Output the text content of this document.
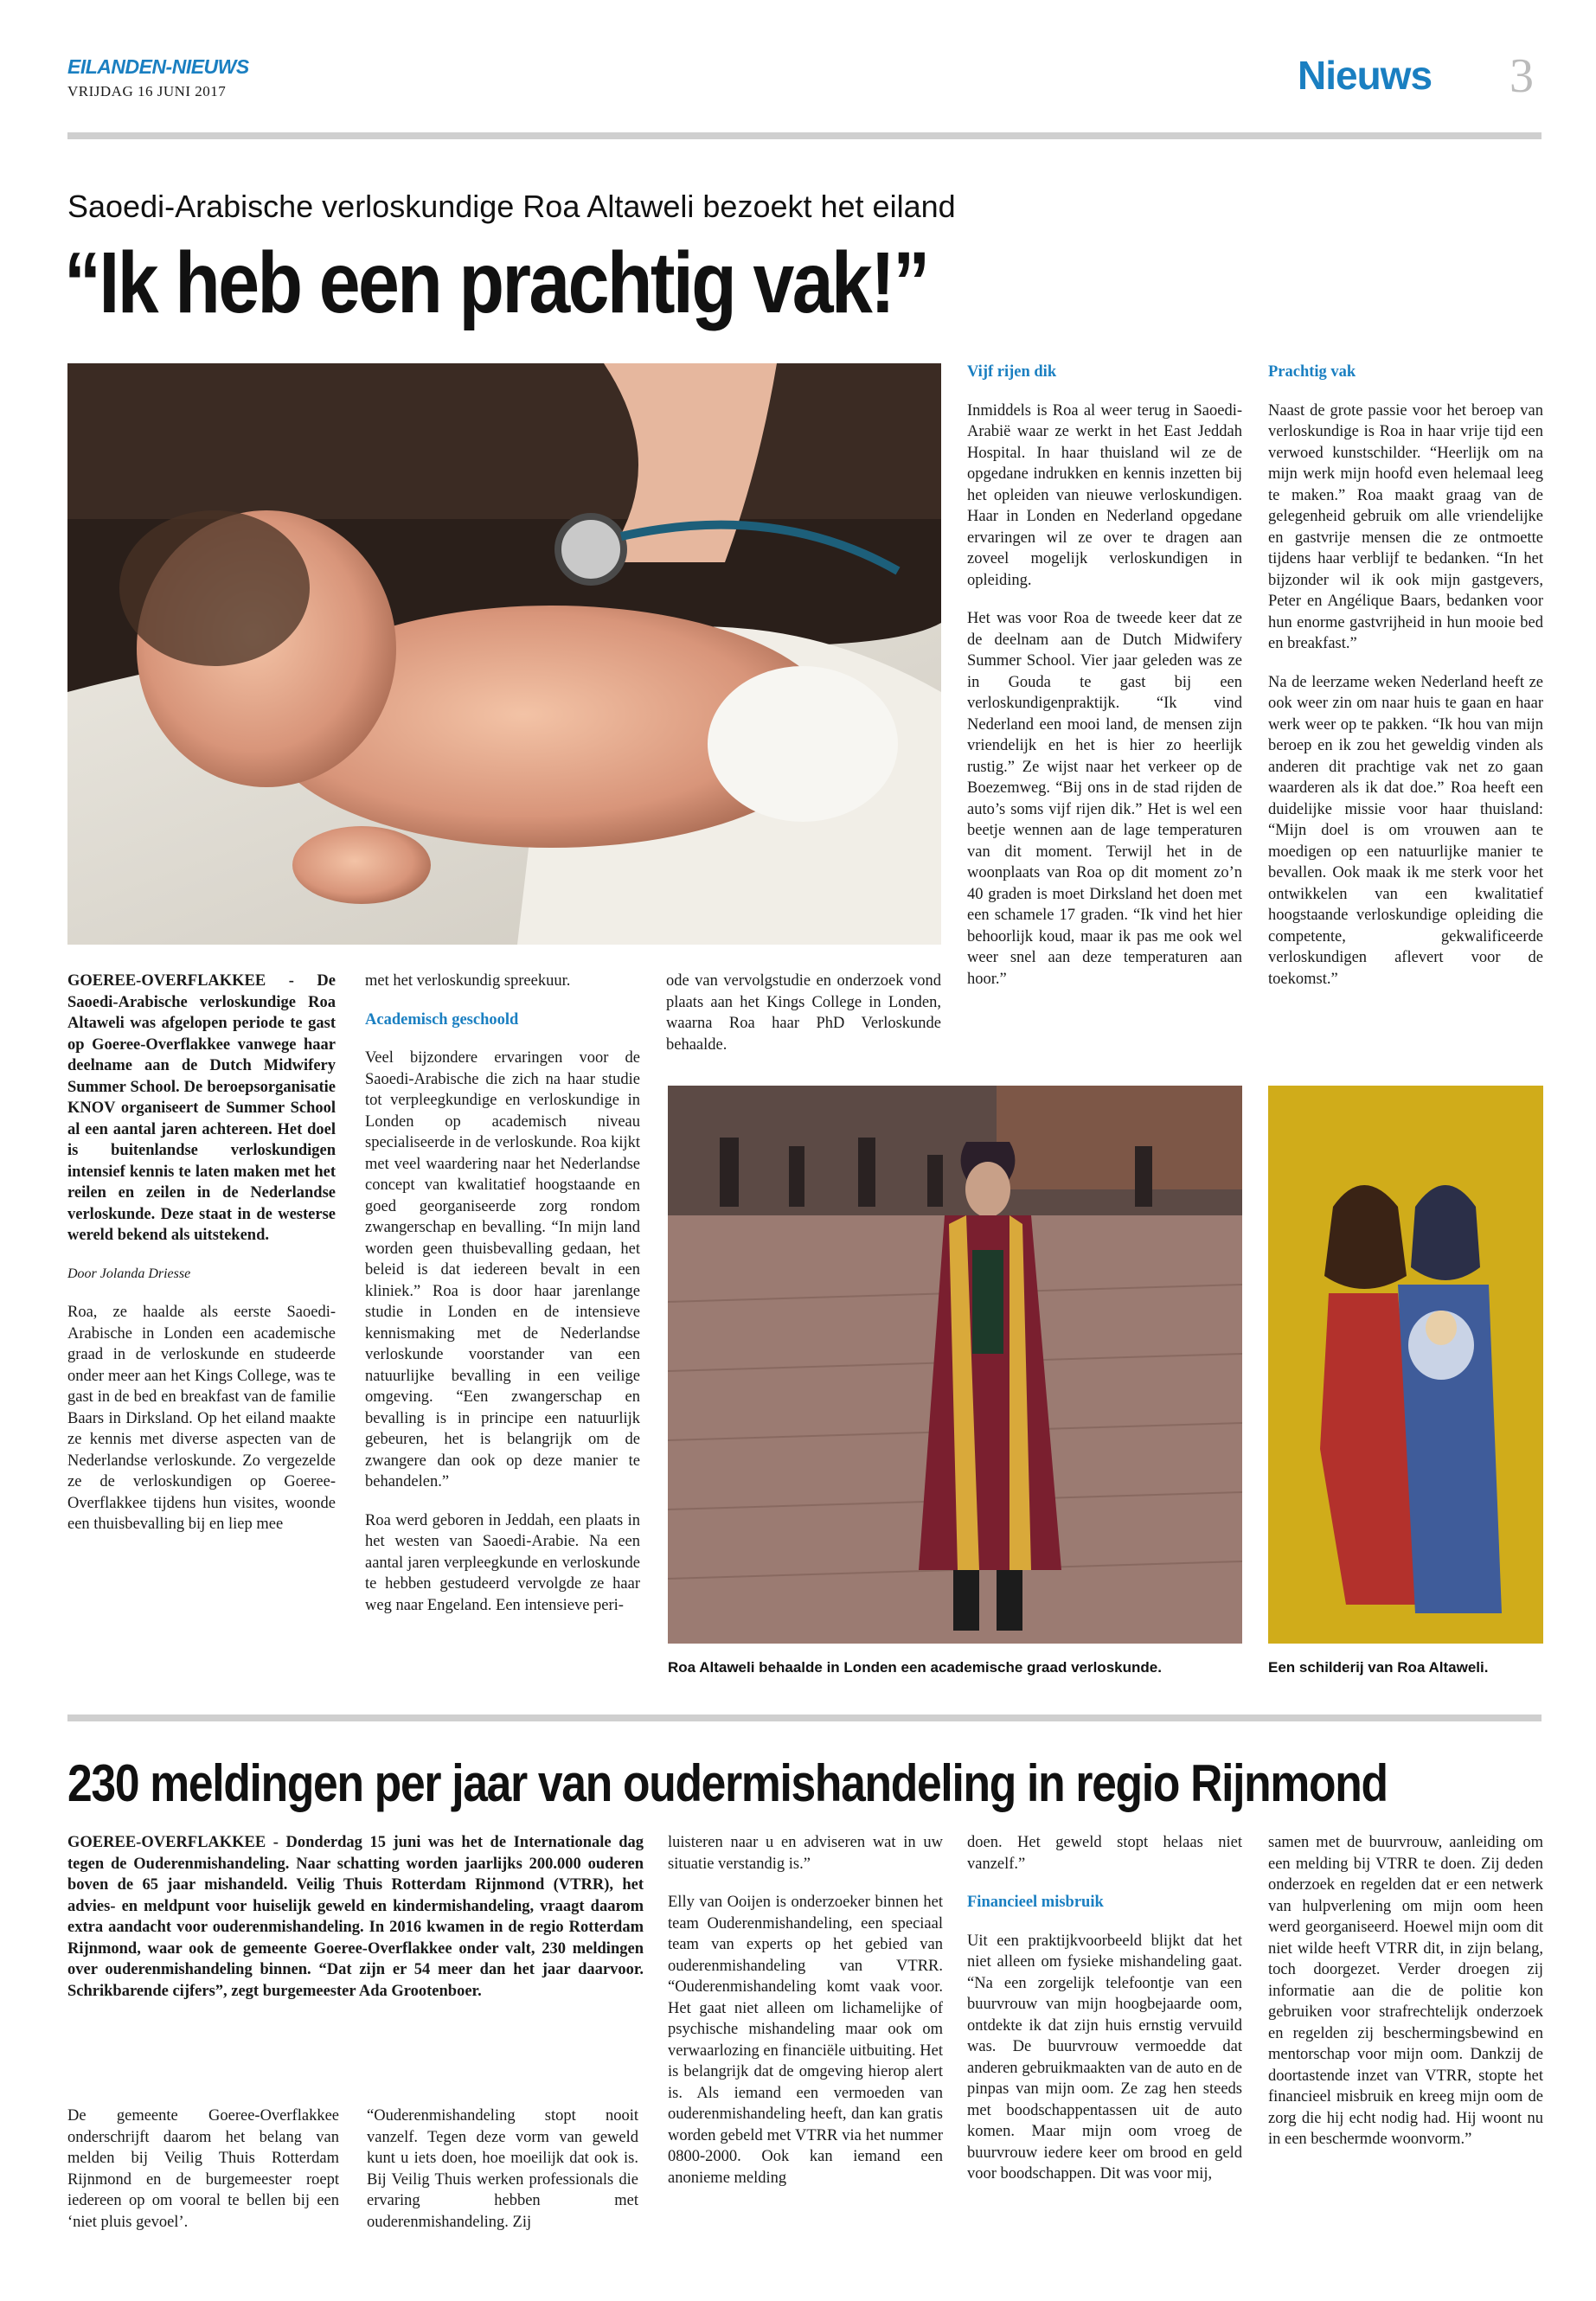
EILANDEN-NIEUWS
VRIJDAG 16 JUNI 2017	Nieuws 3
Saoedi-Arabische verloskundige Roa Altaweli bezoekt het eiland
“Ik heb een prachtig vak!”

GOEREE-OVERFLAKKEE - De Saoedi-Arabische verloskundige Roa Altaweli was afgelopen periode te gast op Goeree-Overflakkee vanwege haar deelname aan de Dutch Midwifery Summer School. De beroepsorganisatie KNOV organiseert de Summer School al een aantal jaren achtereen. Het doel is buitenlandse verloskundigen intensief kennis te laten maken met het reilen en zeilen in de Nederlandse verloskunde. Deze staat in de westerse wereld bekend als uitstekend.

Door Jolanda Driesse

Roa, ze haalde als eerste Saoedi-Arabische in Londen een academische graad in de verloskunde en studeerde onder meer aan het Kings College, was te gast in de bed en breakfast van de familie Baars in Dirksland. Op het eiland maakte ze kennis met diverse aspecten van de Nederlandse verloskunde. Zo vergezelde ze de verloskundigen op Goeree-Overflakkee tijdens hun visites, woonde een thuisbevalling bij en liep mee

met het verloskundig spreekuur.

Academisch geschoold

Veel bijzondere ervaringen voor de Saoedi-Arabische die zich na haar studie tot verpleegkundige en verloskundige in Londen op academisch niveau specialiseerde in de verloskunde. Roa kijkt met veel waardering naar het Nederlandse concept van kwalitatief hoogstaande en goed georganiseerde zorg rondom zwangerschap en bevalling. “In mijn land worden geen thuisbevalling gedaan, het beleid is dat iedereen bevalt in een kliniek.” Roa is door haar jarenlange studie in Londen en de intensieve kennismaking met de Nederlandse verloskunde voorstander van een natuurlijke bevalling in een veilige omgeving. “Een zwangerschap en bevalling is in principe een natuurlijk gebeuren, het is belangrijk om de zwangere dan ook op deze manier te behandelen.”

Roa werd geboren in Jeddah, een plaats in het westen van Saoedi-Arabie. Na een aantal jaren verpleegkunde en verloskunde te hebben gestudeerd vervolgde ze haar weg naar Engeland. Een intensieve peri-

ode van vervolgstudie en onderzoek vond plaats aan het Kings College in Londen, waarna Roa haar PhD Verloskunde behaalde.

Vijf rijen dik

Inmiddels is Roa al weer terug in Saoedi-Arabië waar ze werkt in het East Jeddah Hospital. In haar thuisland wil ze de opgedane indrukken en kennis inzetten bij het opleiden van nieuwe verloskundigen. Haar in Londen en Nederland opgedane ervaringen wil ze over te dragen aan zoveel mogelijk verloskundigen in opleiding.

Het was voor Roa de tweede keer dat ze de deelnam aan de Dutch Midwifery Summer School. Vier jaar geleden was ze in Gouda te gast bij een verloskundigenpraktijk. “Ik vind Nederland een mooi land, de mensen zijn vriendelijk en het is hier zo heerlijk rustig.” Ze wijst naar het verkeer op de Boezemweg. “Bij ons in de stad rijden de auto’s soms vijf rijen dik.” Het is wel een beetje wennen aan de lage temperaturen van dit moment. Terwijl het in de woonplaats van Roa op dit moment zo’n 40 graden is moet Dirksland het doen met een schamele 17 graden. “Ik vind het hier behoorlijk koud, maar ik pas me ook wel weer snel aan deze temperaturen aan hoor.”

Prachtig vak

Naast de grote passie voor het beroep van verloskundige is Roa in haar vrije tijd een verwoed kunstschilder. “Heerlijk om na mijn werk mijn hoofd even helemaal leeg te maken.” Roa maakt graag van de gelegenheid gebruik om alle vriendelijke en gastvrije mensen die ze ontmoette tijdens haar verblijf te bedanken. “In het bijzonder wil ik ook mijn gastgevers, Peter en Angélique Baars, bedanken voor hun enorme gastvrijheid in hun mooie bed en breakfast.”

Na de leerzame weken Nederland heeft ze ook weer zin om naar huis te gaan en haar werk weer op te pakken. “Ik hou van mijn beroep en ik zou het geweldig vinden als anderen dit prachtige vak net zo gaan waarderen als ik dat doe.” Roa heeft een duidelijke missie voor haar thuisland: “Mijn doel is om vrouwen aan te moedigen op een natuurlijke manier te bevallen. Ook maak ik me sterk voor het ontwikkelen van een kwalitatief hoogstaande verloskundige opleiding die competente, gekwalificeerde verloskundigen aflevert voor de toekomst.”

Roa Altaweli behaalde in Londen een academische graad verloskunde.	Een schilderij van Roa Altaweli.
230 meldingen per jaar van oudermishandeling in regio Rijnmond

GOEREE-OVERFLAKKEE - Donderdag 15 juni was het de Internationale dag tegen de Ouderenmishandeling. Naar schatting worden jaarlijks 200.000 ouderen boven de 65 jaar mishandeld. Veilig Thuis Rotterdam Rijnmond (VTRR), het advies- en meldpunt voor huiselijk geweld en kindermishandeling, vraagt daarom extra aandacht voor ouderenmishandeling. In 2016 kwamen in de regio Rotterdam Rijnmond, waar ook de gemeente Goeree-Overflakkee onder valt, 230 meldingen over ouderenmishandeling binnen. “Dat zijn er 54 meer dan het jaar daarvoor. Schrikbarende cijfers”, zegt burgemeester Ada Grootenboer.

De gemeente Goeree-Overflakkee onderschrijft daarom het belang van melden bij Veilig Thuis Rotterdam Rijnmond en de burgemeester roept iedereen op om vooral te bellen bij een ‘niet pluis gevoel’.

“Ouderenmishandeling stopt nooit vanzelf. Tegen deze vorm van geweld kunt u iets doen, hoe moeilijk dat ook is. Bij Veilig Thuis werken professionals die ervaring hebben met ouderenmishandeling. Zij

luisteren naar u en adviseren wat in uw situatie verstandig is.”

Elly van Ooijen is onderzoeker binnen het team Ouderenmishandeling, een speciaal team van experts op het gebied van ouderenmishandeling van VTRR. “Ouderenmishandeling komt vaak voor. Het gaat niet alleen om lichamelijke of psychische mishandeling maar ook om verwaarlozing en financiële uitbuiting. Het is belangrijk dat de omgeving hierop alert is. Als iemand een vermoeden van ouderenmishandeling heeft, dan kan gratis worden gebeld met VTRR via het nummer 0800-2000. Ook kan iemand een anonieme melding

doen. Het geweld stopt helaas niet vanzelf.”

Financieel misbruik

Uit een praktijkvoorbeeld blijkt dat het niet alleen om fysieke mishandeling gaat. “Na een zorgelijk telefoontje van een buurvrouw van mijn hoogbejaarde oom, ontdekte ik dat zijn huis ernstig vervuild was. De buurvrouw vermoedde dat anderen gebruikmaakten van de auto en de pinpas van mijn oom. Ze zag hen steeds met boodschappentassen uit de auto komen. Maar mijn oom vroeg de buurvrouw iedere keer om brood en geld voor boodschappen. Dit was voor mij,

samen met de buurvrouw, aanleiding om een melding bij VTRR te doen. Zij deden onderzoek en regelden dat er een netwerk van hulpverlening om mijn oom heen werd georganiseerd. Hoewel mijn oom dit niet wilde heeft VTRR dit, in zijn belang, toch doorgezet. Verder droegen zij informatie aan die de politie kon gebruiken voor strafrechtelijk onderzoek en regelden zij beschermingsbewind en mentorschap voor mijn oom. Dankzij de doortastende inzet van VTRR, stopte het financieel misbruik en kreeg mijn oom de zorg die hij echt nodig had. Hij woont nu in een beschermde woonvorm.”
